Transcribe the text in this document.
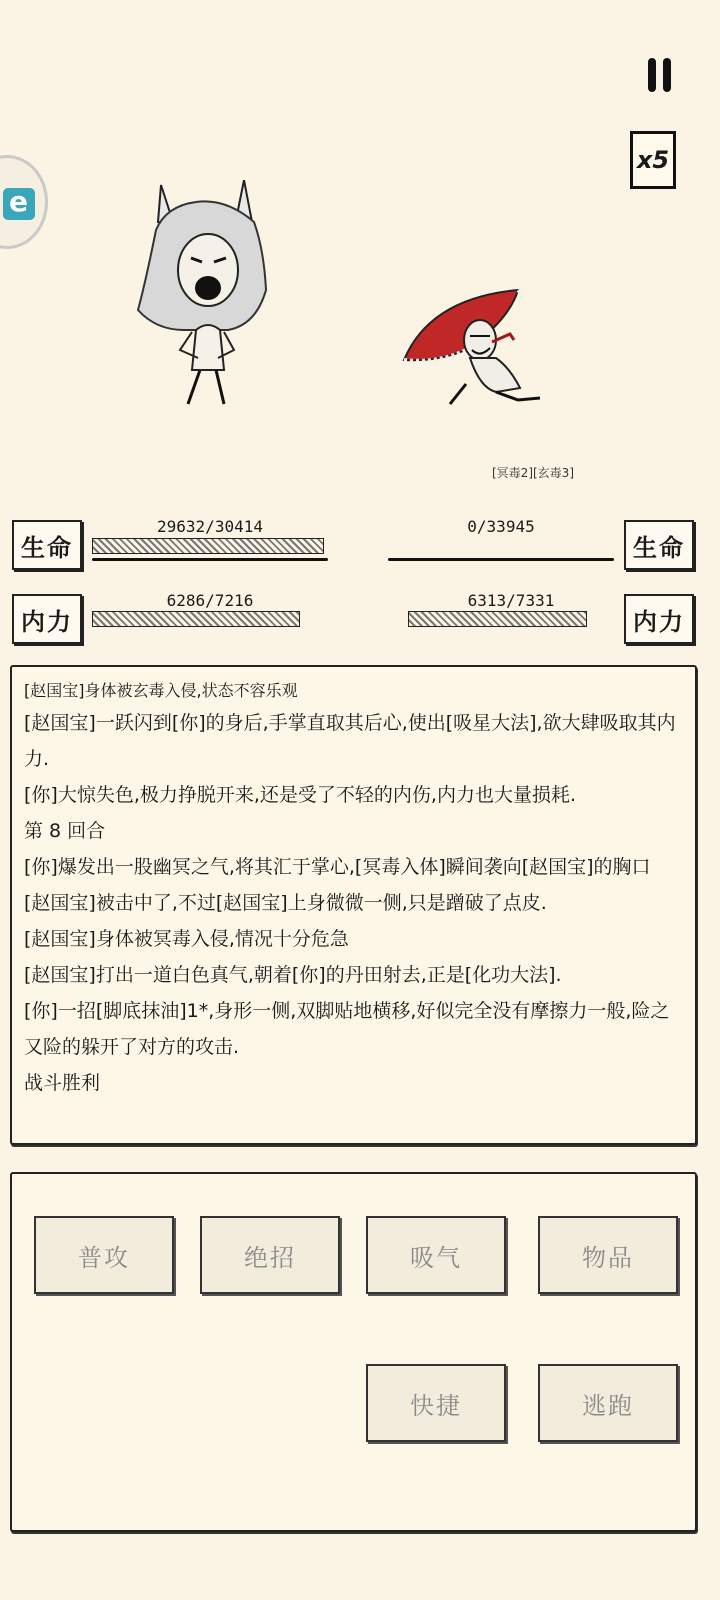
x5
e
[冥毒2][玄毒3]
生命
29632/30414
内力
6286/7216
生命
0/33945
内力
6313/7331

[赵国宝]身体被玄毒入侵,状态不容乐观

[赵国宝]一跃闪到[你]的身后,手掌直取其后心,使出[吸星大法],欲大肆吸取其内力.

[你]大惊失色,极力挣脱开来,还是受了不轻的内伤,内力也大量损耗.

第 8 回合

[你]爆发出一股幽冥之气,将其汇于掌心,[冥毒入体]瞬间袭向[赵国宝]的胸口

[赵国宝]被击中了,不过[赵国宝]上身微微一侧,只是蹭破了点皮.

[赵国宝]身体被冥毒入侵,情况十分危急

[赵国宝]打出一道白色真气,朝着[你]的丹田射去,正是[化功大法].

[你]一招[脚底抹油]1*,身形一侧,双脚贴地横移,好似完全没有摩擦力一般,险之又险的躲开了对方的攻击.

战斗胜利

普攻	绝招	吸气	物品
快捷	逃跑
